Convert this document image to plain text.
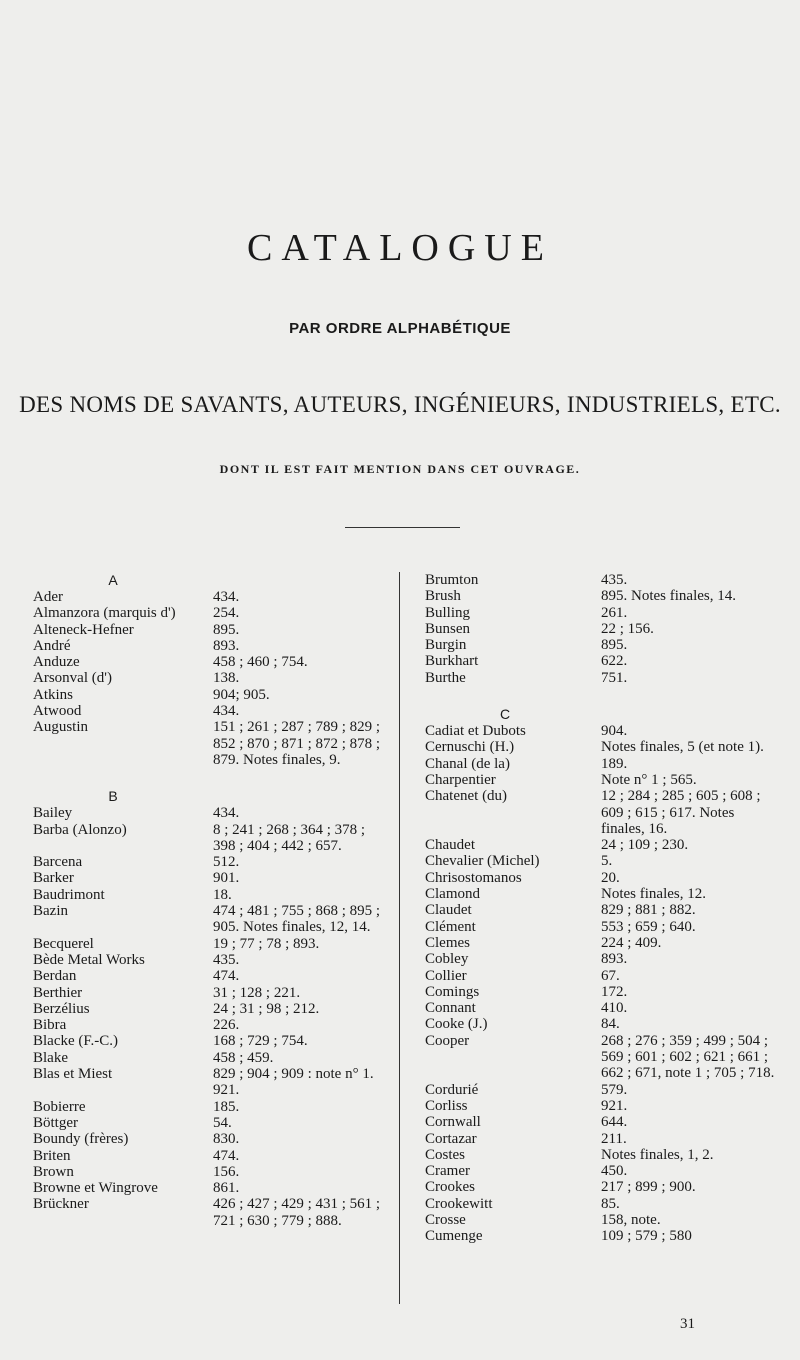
CATALOGUE
PAR ORDRE ALPHABÉTIQUE
DES NOMS DE SAVANTS, AUTEURS, INGÉNIEURS, INDUSTRIELS, ETC.
DONT IL EST FAIT MENTION DANS CET OUVRAGE.
A
Ader	434.
Almanzora (marquis d')	254.
Alteneck-Hefner	895.
André	893.
Anduze	458 ; 460 ; 754.
Arsonval (d')	138.
Atkins	904; 905.
Atwood	434.
Augustin	151 ; 261 ; 287 ; 789 ; 829 ; 852 ; 870 ; 871 ; 872 ; 878 ; 879. Notes finales, 9.
B
Bailey	434.
Barba (Alonzo)	8 ; 241 ; 268 ; 364 ; 378 ; 398 ; 404 ; 442 ; 657.
Barcena	512.
Barker	901.
Baudrimont	18.
Bazin	474 ; 481 ; 755 ; 868 ; 895 ; 905. Notes finales, 12, 14.
Becquerel	19 ; 77 ; 78 ; 893.
Bède Metal Works	435.
Berdan	474.
Berthier	31 ; 128 ; 221.
Berzélius	24 ; 31 ; 98 ; 212.
Bibra	226.
Blacke (F.-C.)	168 ; 729 ; 754.
Blake	458 ; 459.
Blas et Miest	829 ; 904 ; 909 : note n° 1. 921.
Bobierre	185.
Böttger	54.
Boundy (frères)	830.
Briten	474.
Brown	156.
Browne et Wingrove	861.
Brückner	426 ; 427 ; 429 ; 431 ; 561 ; 721 ; 630 ; 779 ; 888.
Brumton	435.
Brush	895. Notes finales, 14.
Bulling	261.
Bunsen	22 ; 156.
Burgin	895.
Burkhart	622.
Burthe	751.
C
Cadiat et Dubots	904.
Cernuschi (H.)	Notes finales, 5 (et note 1).
Chanal (de la)	189.
Charpentier	Note n° 1 ; 565.
Chatenet (du)	12 ; 284 ; 285 ; 605 ; 608 ; 609 ; 615 ; 617. Notes finales, 16.
Chaudet	24 ; 109 ; 230.
Chevalier (Michel)	5.
Chrisostomanos	20.
Clamond	Notes finales, 12.
Claudet	829 ; 881 ; 882.
Clément	553 ; 659 ; 640.
Clemes	224 ; 409.
Cobley	893.
Collier	67.
Comings	172.
Connant	410.
Cooke (J.)	84.
Cooper	268 ; 276 ; 359 ; 499 ; 504 ; 569 ; 601 ; 602 ; 621 ; 661 ; 662 ; 671, note 1 ; 705 ; 718.
Cordurié	579.
Corliss	921.
Cornwall	644.
Cortazar	211.
Costes	Notes finales, 1, 2.
Cramer	450.
Crookes	217 ; 899 ; 900.
Crookewitt	85.
Crosse	158, note.
Cumenge	109 ; 579 ; 580
31
